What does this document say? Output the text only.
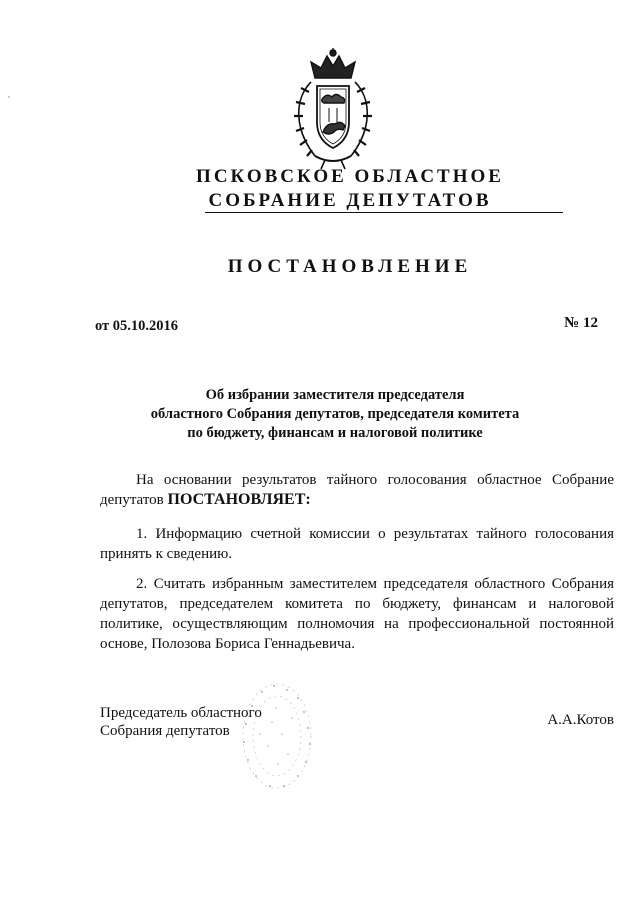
ПСКОВСКОЕ ОБЛАСТНОЕ
СОБРАНИЕ ДЕПУТАТОВ
ПОСТАНОВЛЕНИЕ
от 05.10.2016	№ 12
Об избрании заместителя председателя
областного Собрания депутатов, председателя комитета
по бюджету, финансам и налоговой политике
На основании результатов тайного голосования областное Собрание депутатов ПОСТАНОВЛЯЕТ:
1. Информацию счетной комиссии о результатах тайного голосования принять к сведению.
2. Считать избранным заместителем председателя областного Собрания депутатов, председателем комитета по бюджету, финансам и налоговой политике, осуществляющим полномочия на профессиональной постоянной основе, Полозова Бориса Геннадьевича.
Председатель областного
Собрания депутатов
А.А.Котов
